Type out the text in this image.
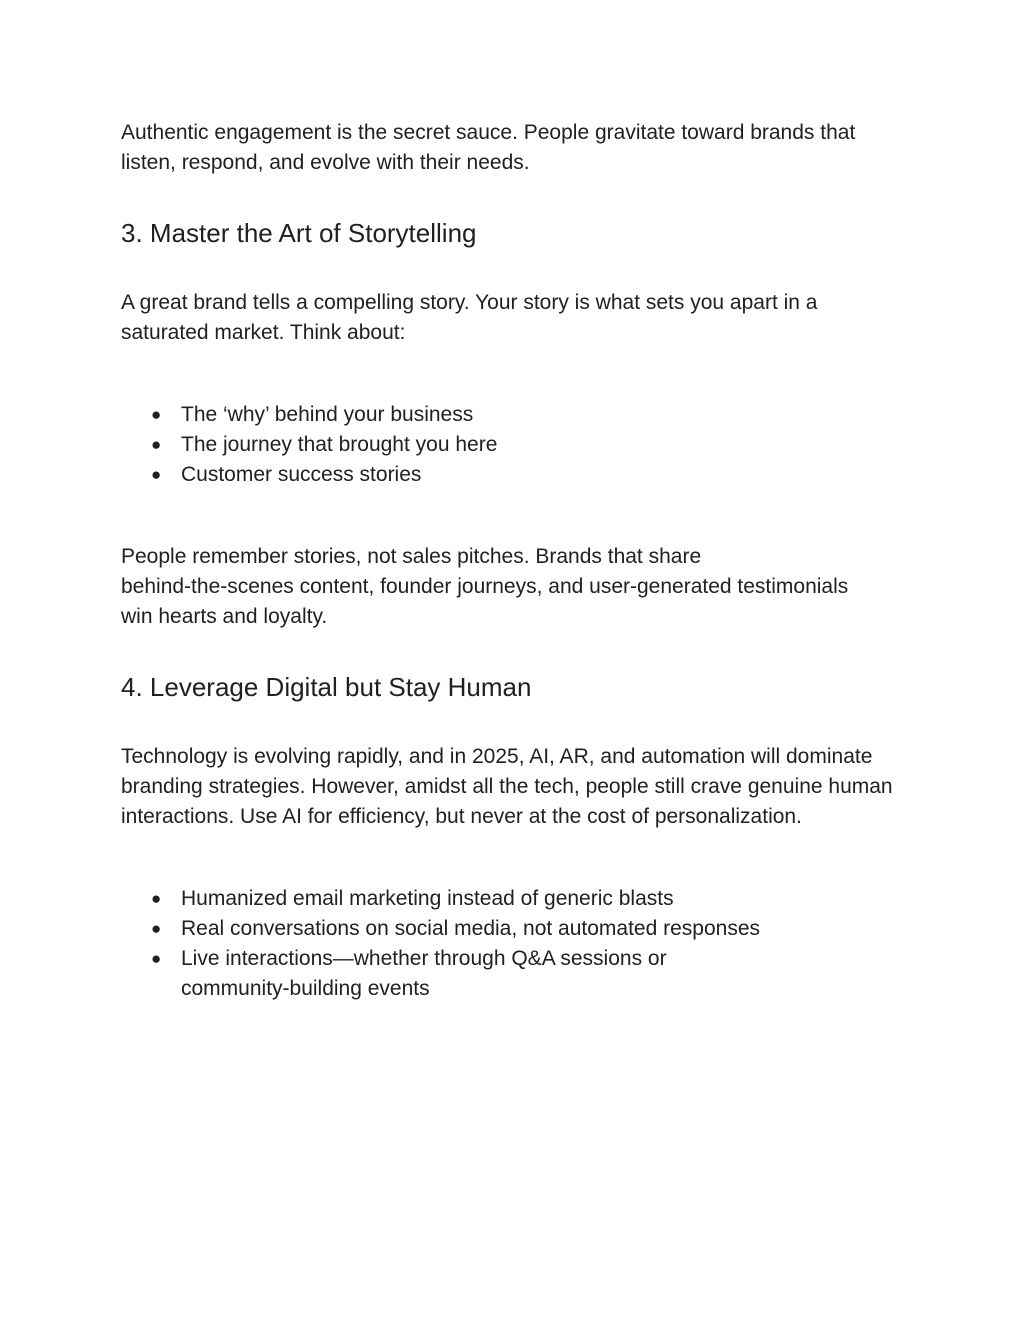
Authentic engagement is the secret sauce. People gravitate toward brands that listen, respond, and evolve with their needs.

3. Master the Art of Storytelling

A great brand tells a compelling story. Your story is what sets you apart in a saturated market. Think about:

● The ‘why’ behind your business
● The journey that brought you here
● Customer success stories
People remember stories, not sales pitches. Brands that share
behind-the-scenes content, founder journeys, and user-generated testimonials
win hearts and loyalty.
4. Leverage Digital but Stay Human

Technology is evolving rapidly, and in 2025, AI, AR, and automation will dominate branding strategies. However, amidst all the tech, people still crave genuine human interactions. Use AI for efficiency, but never at the cost of personalization.

● Humanized email marketing instead of generic blasts
● Real conversations on social media, not automated responses
● Live interactions—whether through Q&A sessions or community-building events
